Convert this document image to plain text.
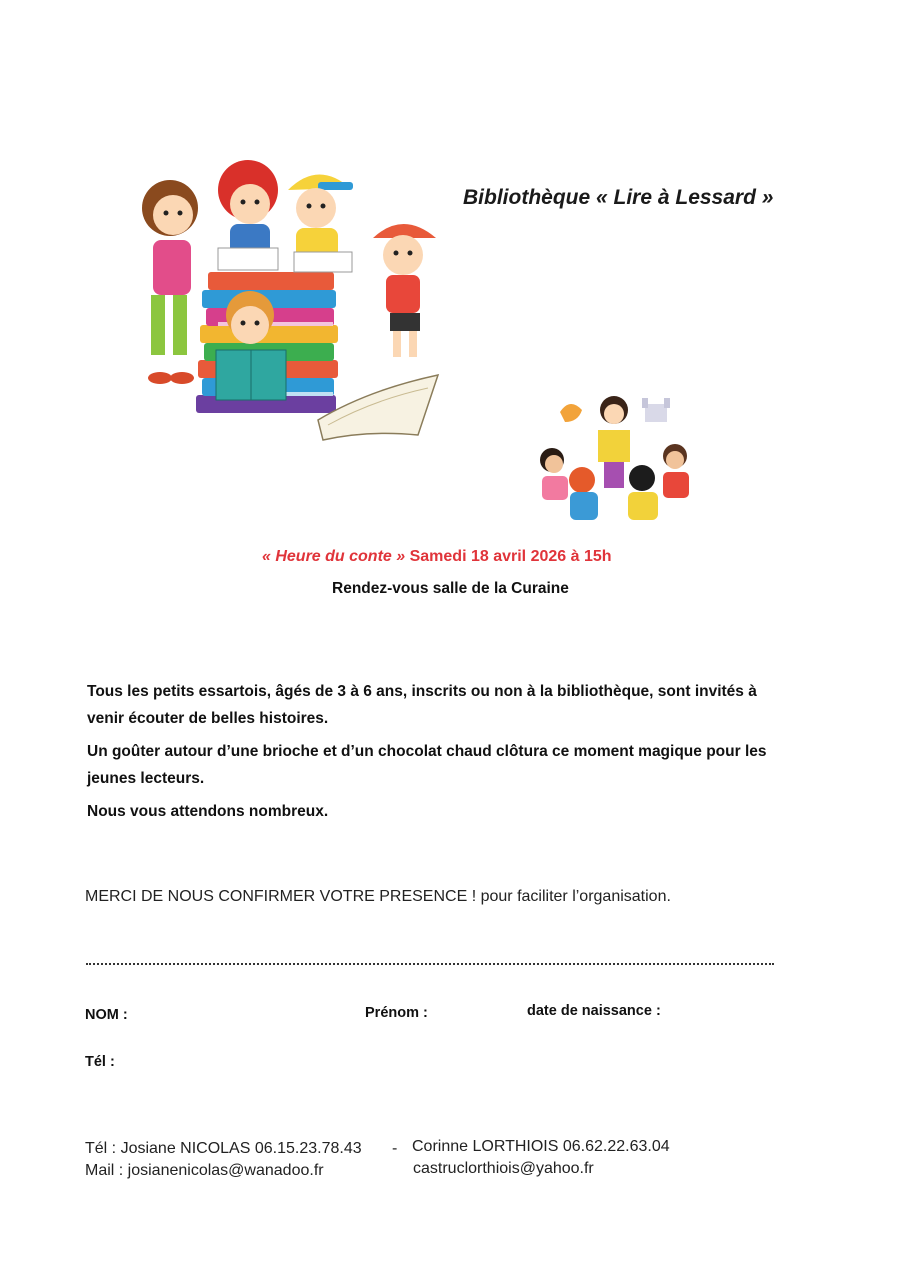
Bibliothèque « Lire à Lessard »
« Heure du conte » Samedi 18 avril 2026 à 15h
Rendez-vous salle de la Curaine
Tous les petits essartois, âgés de 3 à 6 ans, inscrits ou non à la bibliothèque, sont invités à venir écouter de belles histoires.
Un goûter autour d’une brioche et d’un chocolat chaud clôtura ce moment magique pour les jeunes lecteurs.
Nous vous attendons nombreux.
MERCI DE NOUS CONFIRMER VOTRE PRESENCE ! pour faciliter l’organisation.
NOM :	Prénom :	date de naissance :
Tél :
Tél : Josiane NICOLAS 06.15.23.78.43 - Corinne LORTHIOIS 06.62.22.63.04
Mail : josianenicolas@wanadoo.fr	castruclorthiois@yahoo.fr
